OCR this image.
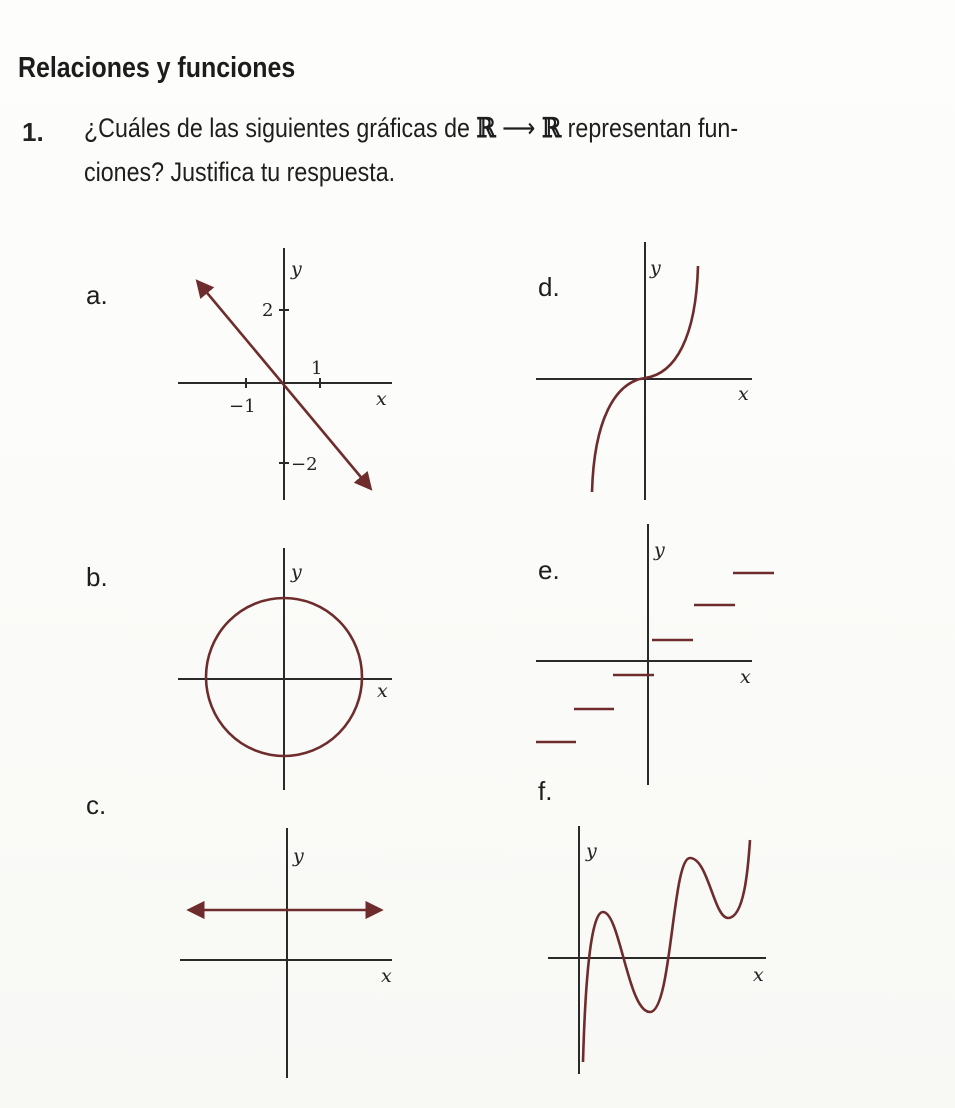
Relaciones y funciones
1. ¿Cuáles de las siguientes gráficas de ℝ ⟶ ℝ representan fun-
ciones? Justifica tu respuesta.
a.
b.
c.
d.
e.
f.
y
x
2
1
−1
−2
y
x
y
x
y
x
y
x
y
x
